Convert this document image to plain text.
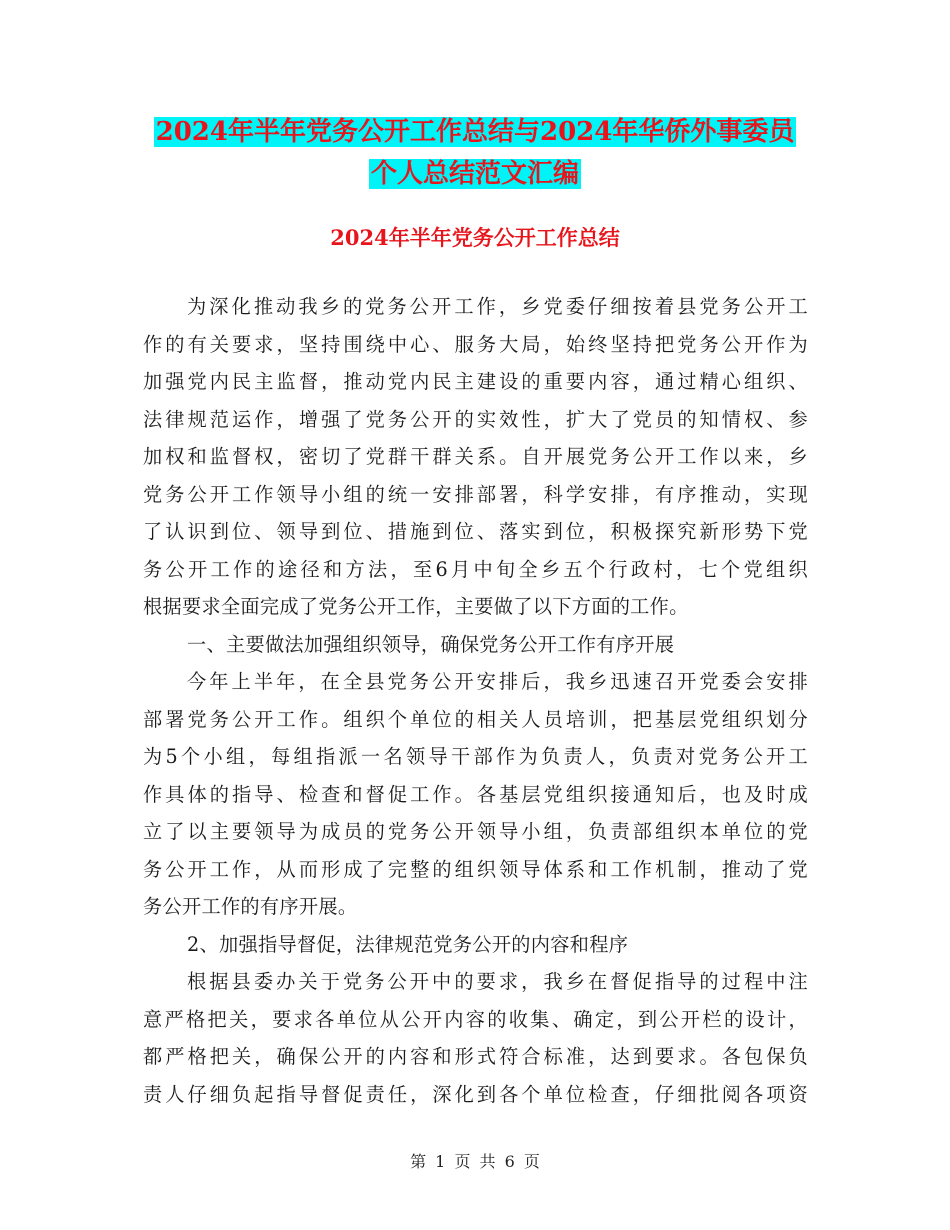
2024年半年党务公开工作总结与2024年华侨外事委员
个人总结范文汇编
2024年半年党务公开工作总结
为深化推动我乡的党务公开工作，乡党委仔细按着县党务公开工
作的有关要求，坚持围绕中心、服务大局，始终坚持把党务公开作为
加强党内民主监督，推动党内民主建设的重要内容，通过精心组织、
法律规范运作，增强了党务公开的实效性，扩大了党员的知情权、参
加权和监督权，密切了党群干群关系。自开展党务公开工作以来，乡
党务公开工作领导小组的统一安排部署，科学安排，有序推动，实现
了认识到位、领导到位、措施到位、落实到位，积极探究新形势下党
务公开工作的途径和方法，至6月中旬全乡五个行政村，七个党组织
根据要求全面完成了党务公开工作，主要做了以下方面的工作。
一、主要做法加强组织领导，确保党务公开工作有序开展
今年上半年，在全县党务公开安排后，我乡迅速召开党委会安排
部署党务公开工作。组织个单位的相关人员培训，把基层党组织划分
为5个小组，每组指派一名领导干部作为负责人，负责对党务公开工
作具体的指导、检查和督促工作。各基层党组织接通知后，也及时成
立了以主要领导为成员的党务公开领导小组，负责部组织本单位的党
务公开工作，从而形成了完整的组织领导体系和工作机制，推动了党
务公开工作的有序开展。
2、加强指导督促，法律规范党务公开的内容和程序
根据县委办关于党务公开中的要求，我乡在督促指导的过程中注
意严格把关，要求各单位从公开内容的收集、确定，到公开栏的设计，
都严格把关，确保公开的内容和形式符合标准，达到要求。各包保负
责人仔细负起指导督促责任，深化到各个单位检查，仔细批阅各项资
第 1 页 共 6 页
